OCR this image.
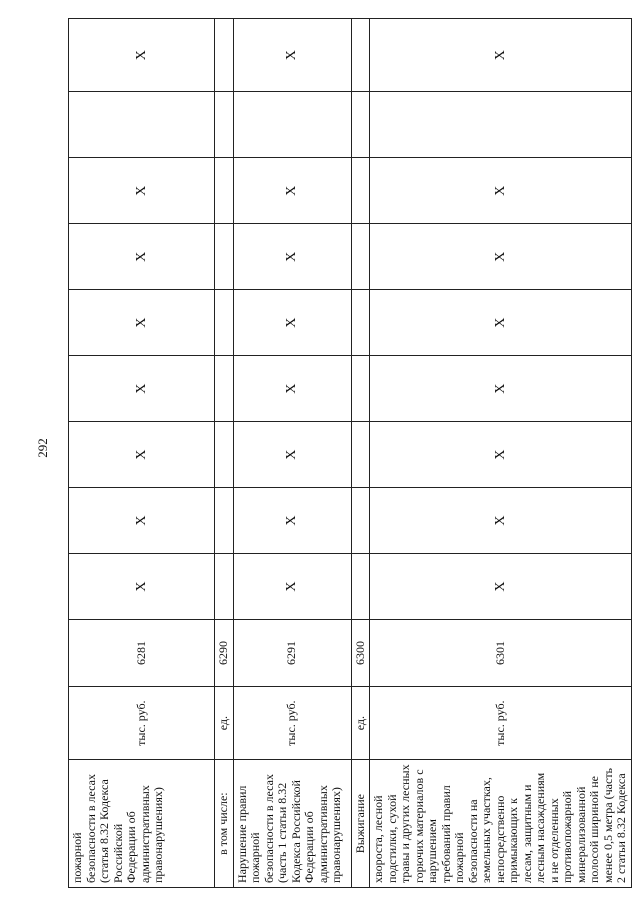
292
пожарной безопасности в лесах (статья 8.32 Кодекса Российской Федерации об административных правонарушениях)	тыс. руб.	6281	X	X	X	X	X	X	X		X
в том числе:	ед.	6290									
Нарушение правил пожарной безопасности в лесах (часть 1 статьи 8.32 Кодекса Российской Федерации об административных правонарушениях)	тыс. руб.	6291	X	X	X	X	X	X	X		X
Выжигание	ед.	6300									
хворостa, лесной подстилки, сухой травы и других лесных горючих материалов с нарушением требований правил пожарной безопасности на земельных участках, непосредственно примыкающих к лесам, защитным и лесным насаждениям и не отделенных противопожарной минерализованной полосой шириной не менее 0,5 метра (часть 2 статьи 8.32 Кодекса	тыс. руб.	6301	X	X	X	X	X	X	X		X
